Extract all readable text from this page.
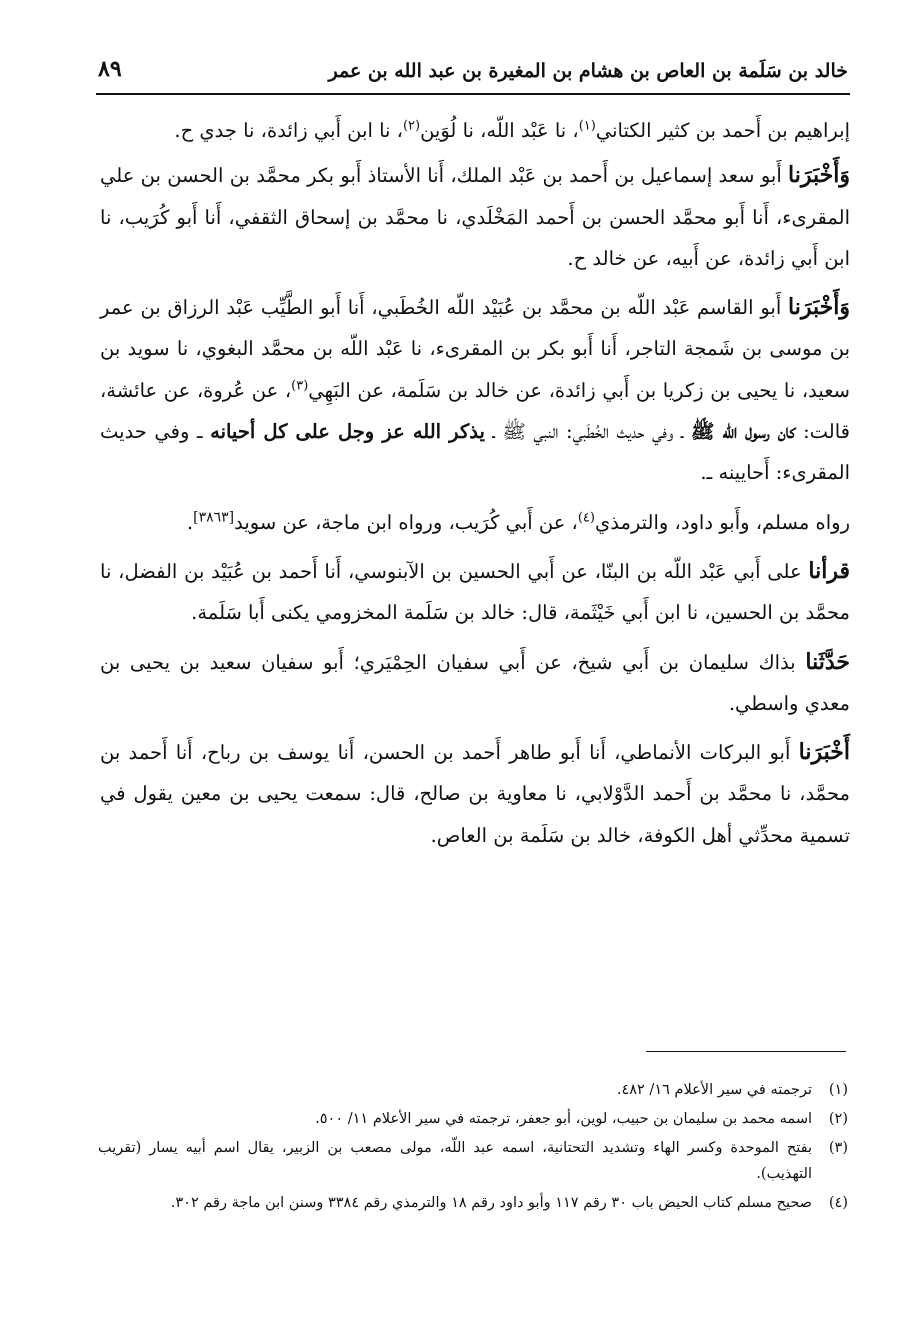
خالد بن سَلَمة بن العاص بن هشام بن المغيرة بن عبد الله بن عمر
٨٩

إبراهيم بن أَحمد بن كثير الكتاني$^{(١)}$، نا عَبْد اللّه، نا لُوَين$^{(٢)}$، نا ابن أَبي زائدة، نا جدي ح.

وَأَخْبَرَنا أَبو سعد إسماعيل بن أَحمد بن عَبْد الملك، أَنا الأستاذ أَبو بكر محمَّد بن الحسن بن علي المقرىء، أَنا أَبو محمَّد الحسن بن أَحمد المَخْلَدي، نا محمَّد بن إسحاق الثقفي، أَنا أَبو كُرَيب، نا ابن أَبي زائدة، عن أَبيه، عن خالد ح.

وَأَخْبَرَنا أَبو القاسم عَبْد اللّه بن محمَّد بن عُبَيْد اللّه الخُطَبي، أَنا أَبو الطَّيِّب عَبْد الرزاق بن عمر بن موسى بن شَمجة التاجر، أَنا أَبو بكر بن المقرىء، نا عَبْد اللّه بن محمَّد البغوي، نا سويد بن سعيد، نا يحيى بن زكريا بن أَبي زائدة، عن خالد بن سَلَمة، عن البَهِي$^{(٣)}$، عن عُروة، عن عائشة، قالت: كان رسول الله ﷺ ـ وفي حديث الخُطَبي: النبي ﷺ ـ يذكر الله عز وجل على كل أحيانه ـ وفي حديث المقرىء: أَحايينه ـ.

رواه مسلم، وأَبو داود، والترمذي$^{(٤)}$، عن أَبي كُرَيب، ورواه ابن ماجة، عن سويد[٣٨٦٣].

قرأنا على أَبي عَبْد اللّه بن البنّا، عن أَبي الحسين بن الآبنوسي، أَنا أَحمد بن عُبَيْد بن الفضل، نا محمَّد بن الحسين، نا ابن أَبي خَيْثَمة، قال: خالد بن سَلَمة المخزومي يكنى أَبا سَلَمة.

حَدَّثَنا بذاك سليمان بن أَبي شيخ، عن أَبي سفيان الحِمْيَري؛ أَبو سفيان سعيد بن يحيى بن معدي واسطي.

أَخْبَرَنا أَبو البركات الأنماطي، أَنا أَبو طاهر أَحمد بن الحسن، أَنا يوسف بن رباح، أَنا أَحمد بن محمَّد، نا محمَّد بن أَحمد الدَّوْلابي، نا معاوية بن صالح، قال: سمعت يحيى بن معين يقول في تسمية محدِّثي أهل الكوفة، خالد بن سَلَمة بن العاص.

(١)
ترجمته في سير الأعلام ١٦/ ٤٨٢.
(٢)
اسمه محمد بن سليمان بن حبيب، لوين، أبو جعفر، ترجمته في سير الأعلام ١١/ ٥٠٠.
(٣)
بفتح الموحدة وكسر الهاء وتشديد التحتانية، اسمه عبد اللّه، مولى مصعب بن الزبير، يقال اسم أبيه يسار (تقريب التهذيب).
(٤)
صحيح مسلم كتاب الحيض باب ٣٠ رقم ١١٧ وأبو داود رقم ١٨ والترمذي رقم ٣٣٨٤ وسنن ابن ماجة رقم ٣٠٢.
